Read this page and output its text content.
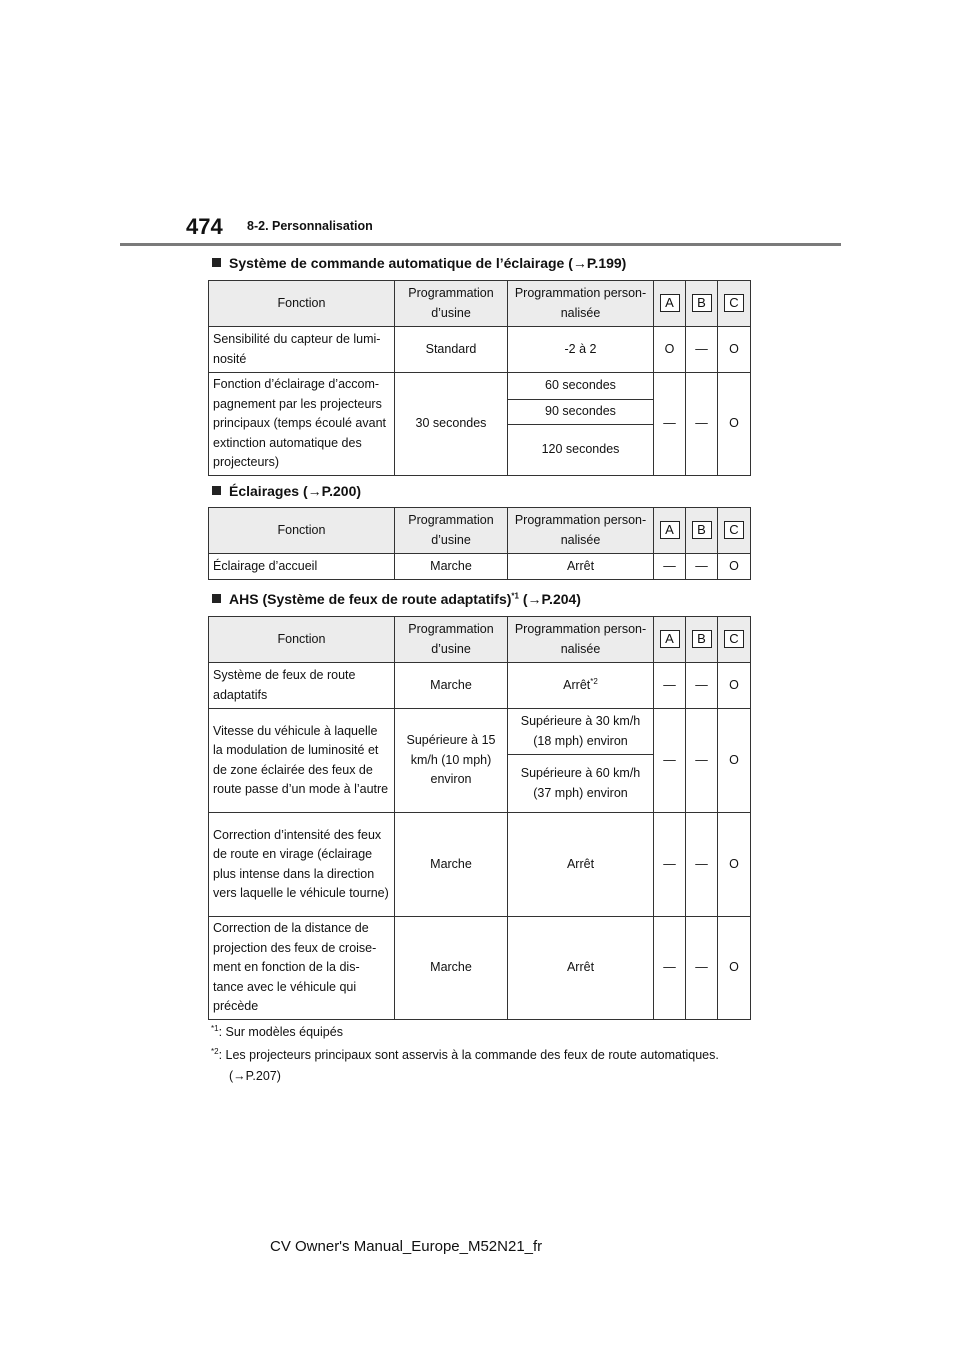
474 8-2. Personnalisation
Système de commande automatique de l’éclairage (→P.199)
Fonction	Programmation d’usine	Programmation person-nalisée	A	B	C
Sensibilité du capteur de lumi-nosité	Standard	-2 à 2	O	—	O
Fonction d’éclairage d’accom-pagnement par les projecteurs principaux (temps écoulé avant extinction automatique des projecteurs)	30 secondes	60 secondes	—	—	O
		90 secondes			
		120 secondes			
Éclairages (→P.200)
Fonction	Programmation d’usine	Programmation person-nalisée	A	B	C
Éclairage d’accueil	Marche	Arrêt	—	—	O
AHS (Système de feux de route adaptatifs)$^{*1}$ (→P.204)
Fonction	Programmation d’usine	Programmation person-nalisée	A	B	C
Système de feux de route adaptatifs	Marche	Arrêt$^{*2}$	—	—	O
Vitesse du véhicule à laquelle la modulation de luminosité et de zone éclairée des feux de route passe d’un mode à l’autre	Supérieure à 15 km/h (10 mph) environ	Supérieure à 30 km/h (18 mph) environ	—	—	O
		Supérieure à 60 km/h (37 mph) environ			
Correction d’intensité des feux de route en virage (éclairage plus intense dans la direction vers laquelle le véhicule tourne)	Marche	Arrêt	—	—	O
Correction de la distance de projection des feux de croise-ment en fonction de la dis-tance avec le véhicule qui précède	Marche	Arrêt	—	—	O
$^{*1}$: Sur modèles équipés
$^{*2}$: Les projecteurs principaux sont asservis à la commande des feux de route automatiques.
(→P.207)
CV Owner's Manual_Europe_M52N21_fr
